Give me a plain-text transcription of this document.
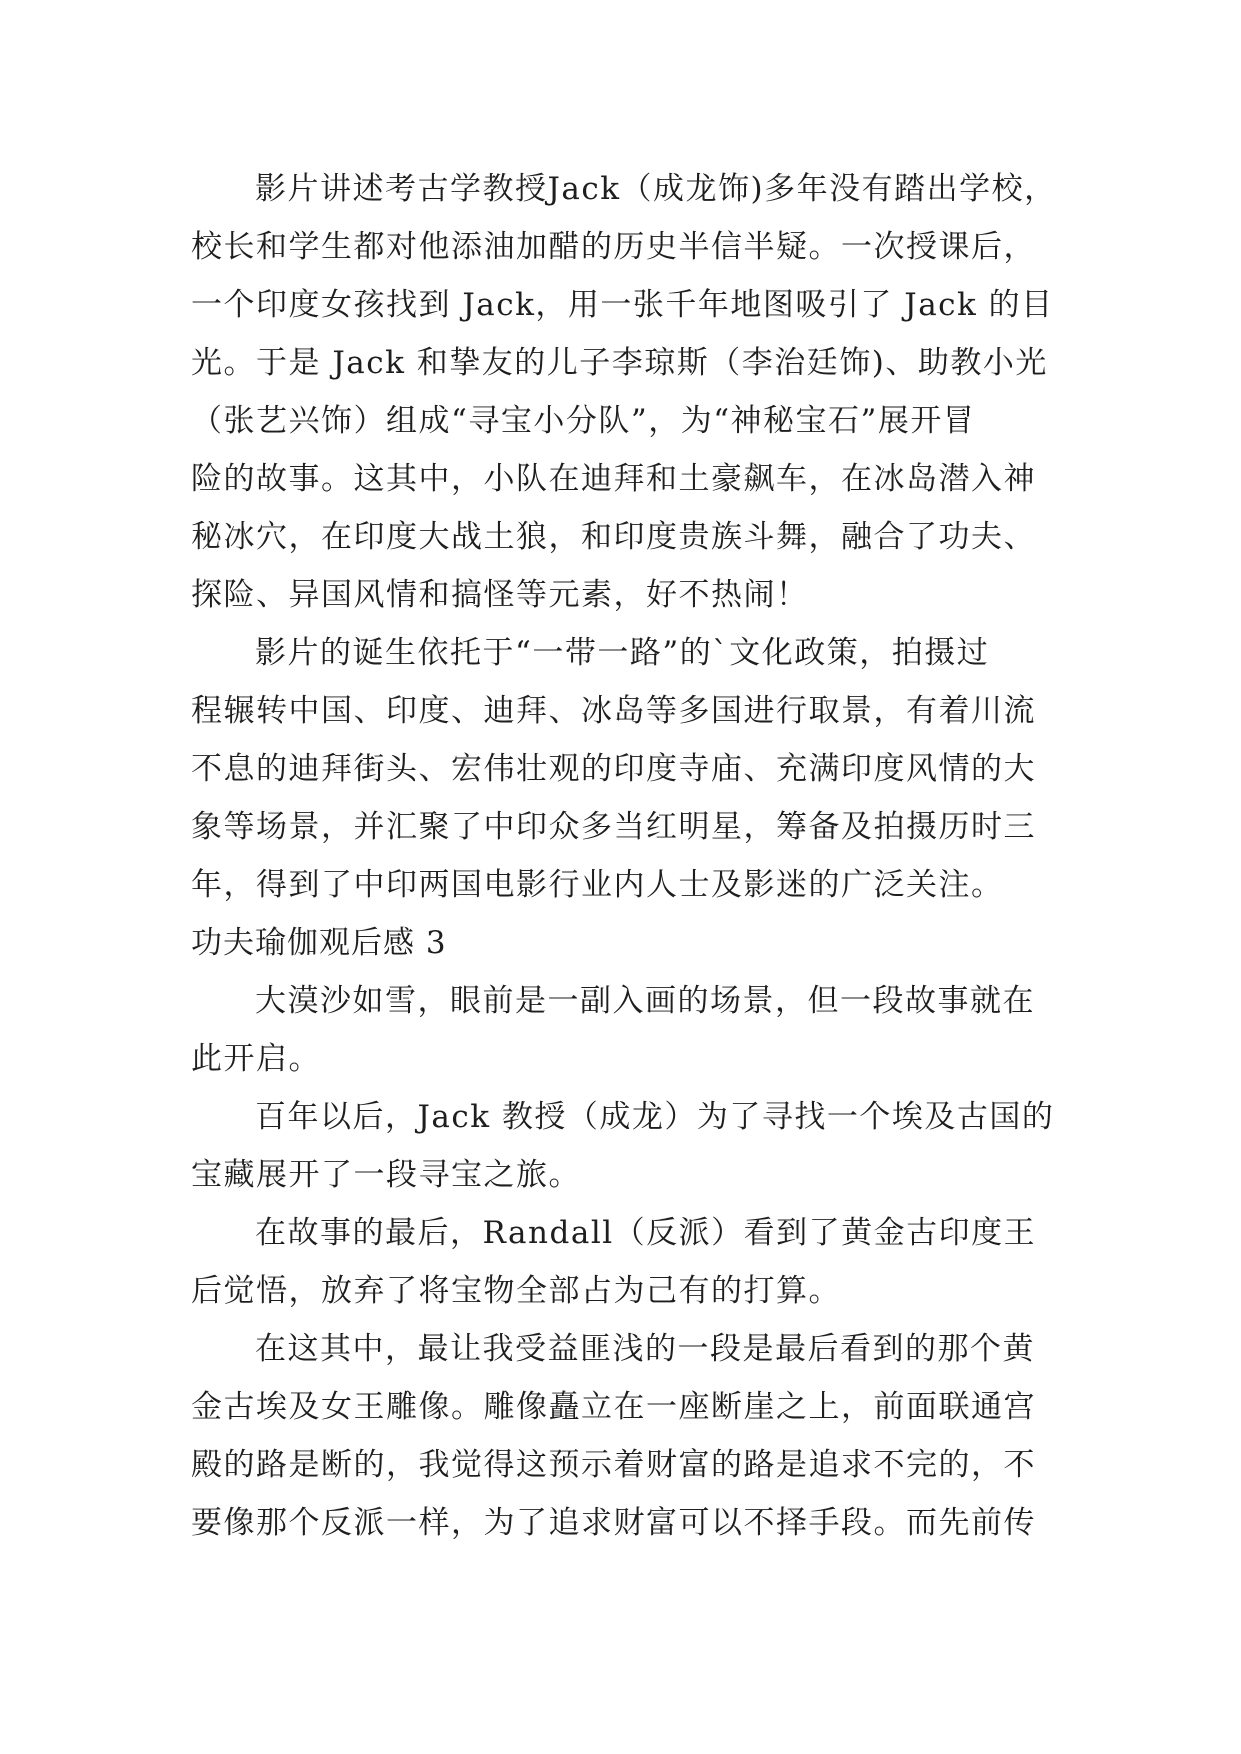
影片讲述考古学教授Jack（成龙饰)多年没有踏出学校，
校长和学生都对他添油加醋的历史半信半疑。一次授课后，
一个印度女孩找到 Jack，用一张千年地图吸引了 Jack 的目
光。于是 Jack 和挚友的儿子李琼斯（李治廷饰)、助教小光
（张艺兴饰）组成“寻宝小分队”，为“神秘宝石”展开冒
险的故事。这其中，小队在迪拜和土豪飙车，在冰岛潜入神
秘冰穴，在印度大战土狼，和印度贵族斗舞，融合了功夫、
探险、异国风情和搞怪等元素，好不热闹！
影片的诞生依托于“一带一路”的`文化政策，拍摄过
程辗转中国、印度、迪拜、冰岛等多国进行取景，有着川流
不息的迪拜街头、宏伟壮观的印度寺庙、充满印度风情的大
象等场景，并汇聚了中印众多当红明星，筹备及拍摄历时三
年，得到了中印两国电影行业内人士及影迷的广泛关注。
功夫瑜伽观后感 3
大漠沙如雪，眼前是一副入画的场景，但一段故事就在
此开启。
百年以后，Jack 教授（成龙）为了寻找一个埃及古国的
宝藏展开了一段寻宝之旅。
在故事的最后，Randall（反派）看到了黄金古印度王
后觉悟，放弃了将宝物全部占为己有的打算。
在这其中，最让我受益匪浅的一段是最后看到的那个黄
金古埃及女王雕像。雕像矗立在一座断崖之上，前面联通宫
殿的路是断的，我觉得这预示着财富的路是追求不完的，不
要像那个反派一样，为了追求财富可以不择手段。而先前传
